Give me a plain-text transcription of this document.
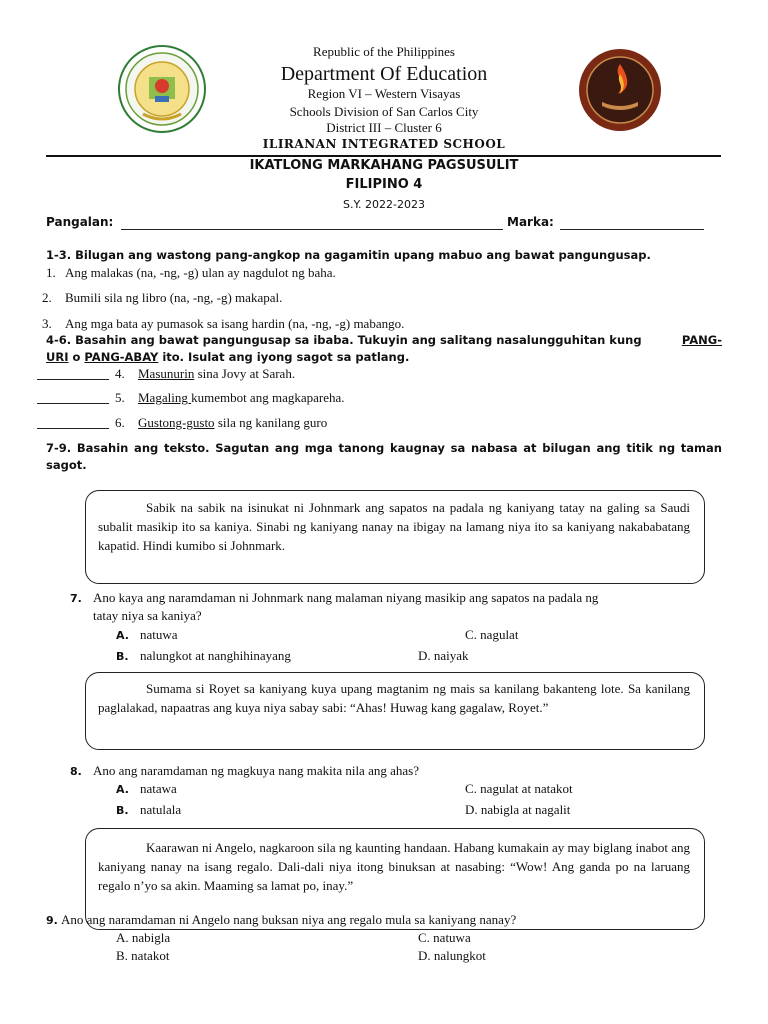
Republic of the Philippines
Department Of Education
Region VI – Western Visayas
Schools Division of San Carlos City
District III – Cluster 6
ILIRANAN INTEGRATED SCHOOL
IKATLONG MARKAHANG PAGSUSULIT
FILIPINO 4
S.Y. 2022-2023
Pangalan:	Marka:
1-3. Bilugan ang wastong pang-angkop na gagamitin upang mabuo ang bawat pangungusap.
1. Ang malakas (na, -ng, -g) ulan ay nagdulot ng baha.
2. Bumili sila ng libro (na, -ng, -g) makapal.
3. Ang mga bata ay pumasok sa isang hardin (na, -ng, -g) mabango.
4-6. Basahin ang bawat pangungusap sa ibaba. Tukuyin ang salitang nasalungguhitan kung	PANG-
URI o PANG-ABAY ito. Isulat ang iyong sagot sa patlang.
4. Masunurin sina Jovy at Sarah.
5. Magaling kumembot ang magkapareha.
6. Gustong-gusto sila ng kanilang guro
7-9. Basahin ang teksto. Sagutan ang mga tanong kaugnay sa nabasa at bilugan ang titik ng taman sagot.
Sabik na sabik na isinukat ni Johnmark ang sapatos na padala ng kaniyang tatay na galing sa Saudi subalit masikip ito sa kaniya. Sinabi ng kaniyang nanay na ibigay na lamang niya ito sa kaniyang nakababatang kapatid. Hindi kumibo si Johnmark.
7. Ano kaya ang naramdaman ni Johnmark nang malaman niyang masikip ang sapatos na padala ng
tatay niya sa kaniya?
A. natuwa	C. nagulat
B. nalungkot at nanghihinayang	D. naiyak
Sumama si Royet sa kaniyang kuya upang magtanim ng mais sa kanilang bakanteng lote. Sa kanilang paglalakad, napaatras ang kuya niya sabay sabi: “Ahas! Huwag kang gagalaw, Royet.”
8. Ano ang naramdaman ng magkuya nang makita nila ang ahas?
A. natawa	C. nagulat at natakot
B. natulala	D. nabigla at nagalit
Kaarawan ni Angelo, nagkaroon sila ng kaunting handaan. Habang kumakain ay may biglang inabot ang kaniyang nanay na isang regalo. Dali-dali niya itong binuksan at nasabing: “Wow! Ang ganda po na laruang regalo n’yo sa akin. Maaming sa lamat po, inay.”
9. Ano ang naramdaman ni Angelo nang buksan niya ang regalo mula sa kaniyang nanay?
A. nabigla	C. natuwa
B. natakot	D. nalungkot
